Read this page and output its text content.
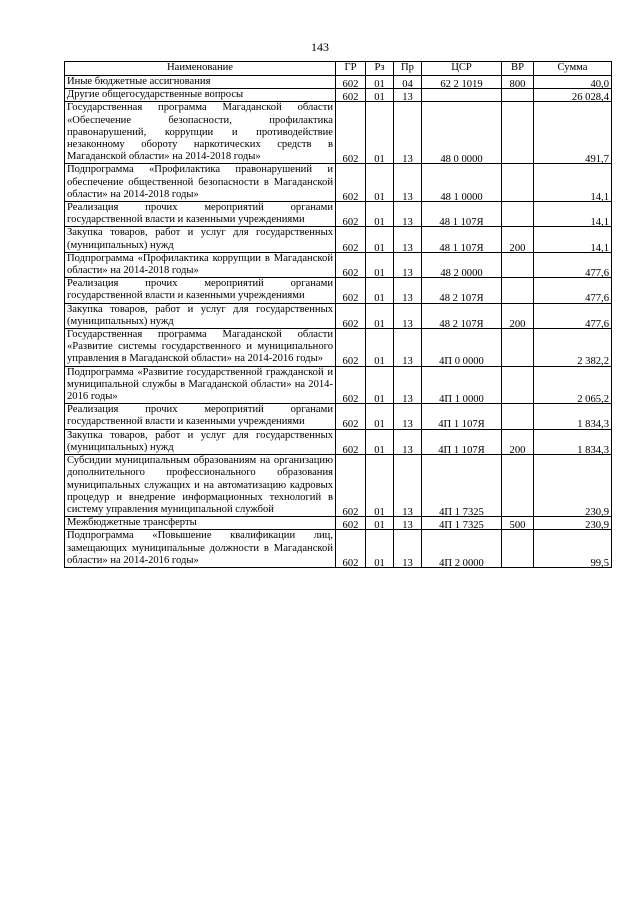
143
Наименование	ГР	Рз	Пр	ЦСР	ВР	Сумма
Иные бюджетные ассигнования	602	01	04	62 2 1019	800	40,0
Другие общегосударственные вопросы	602	01	13			26 028,4
Государственная программа Магаданской области «Обеспечение безопасности, профилактика правонарушений, коррупции и противодействие незаконному обороту наркотических средств в Магаданской области» на 2014-2018 годы»	602	01	13	48 0 0000		491,7
Подпрограмма «Профилактика правонарушений и обеспечение общественной безопасности в Магаданской области» на 2014-2018 годы»	602	01	13	48 1 0000		14,1
Реализация прочих мероприятий органами государственной власти и казенными учреждениями	602	01	13	48 1 107Я		14,1
Закупка товаров, работ и услуг для государственных (муниципальных) нужд	602	01	13	48 1 107Я	200	14,1
Подпрограмма «Профилактика коррупции в Магаданской области» на 2014-2018 годы»	602	01	13	48 2 0000		477,6
Реализация прочих мероприятий органами государственной власти и казенными учреждениями	602	01	13	48 2 107Я		477,6
Закупка товаров, работ и услуг для государственных (муниципальных) нужд	602	01	13	48 2 107Я	200	477,6
Государственная программа Магаданской области «Развитие системы государственного и муниципального управления в Магаданской области» на 2014-2016 годы»	602	01	13	4П 0 0000		2 382,2
Подпрограмма «Развитие государственной гражданской и муниципальной службы в Магаданской области» на 2014-2016 годы»	602	01	13	4П 1 0000		2 065,2
Реализация прочих мероприятий органами государственной власти и казенными учреждениями	602	01	13	4П 1 107Я		1 834,3
Закупка товаров, работ и услуг для государственных (муниципальных) нужд	602	01	13	4П 1 107Я	200	1 834,3
Субсидии муниципальным образованиям на организацию дополнительного профессионального образования муниципальных служащих и на автоматизацию кадровых процедур и внедрение информационных технологий в систему управления муниципальной службой	602	01	13	4П 1 7325		230,9
Межбюджетные трансферты	602	01	13	4П 1 7325	500	230,9
Подпрограмма «Повышение квалификации лиц, замещающих муниципальные должности в Магаданской области» на 2014-2016 годы»	602	01	13	4П 2 0000		99,5
